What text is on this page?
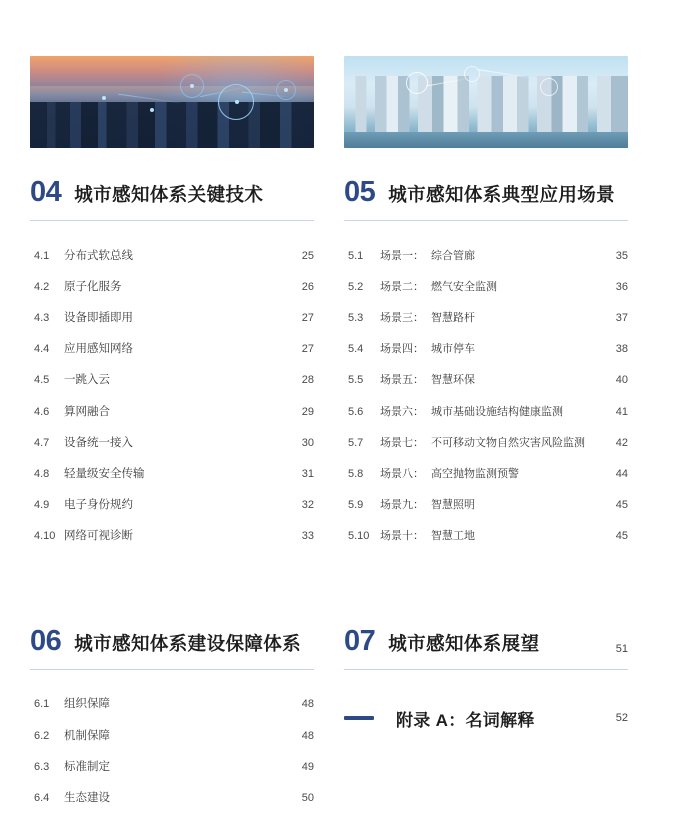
04 城市感知体系关键技术
4.1	分布式软总线	25
4.2	原子化服务	26
4.3	设备即插即用	27
4.4	应用感知网络	27
4.5	一跳入云	28
4.6	算网融合	29
4.7	设备统一接入	30
4.8	轻量级安全传输	31
4.9	电子身份规约	32
4.10 网络可视诊断	33
05 城市感知体系典型应用场景
5.1	场景一： 综合管廊	35
5.2	场景二： 燃气安全监测	36
5.3	场景三： 智慧路杆	37
5.4	场景四： 城市停车	38
5.5	场景五： 智慧环保	40
5.6	场景六： 城市基础设施结构健康监测	41
5.7	场景七： 不可移动文物自然灾害风险监测	42
5.8	场景八： 高空抛物监测预警	44
5.9	场景九： 智慧照明	45
5.10 场景十： 智慧工地	45
06 城市感知体系建设保障体系
6.1	组织保障	48
6.2	机制保障	48
6.3	标准制定	49
6.4	生态建设	50
07 城市感知体系展望	51
附录 A：名词解释	52
